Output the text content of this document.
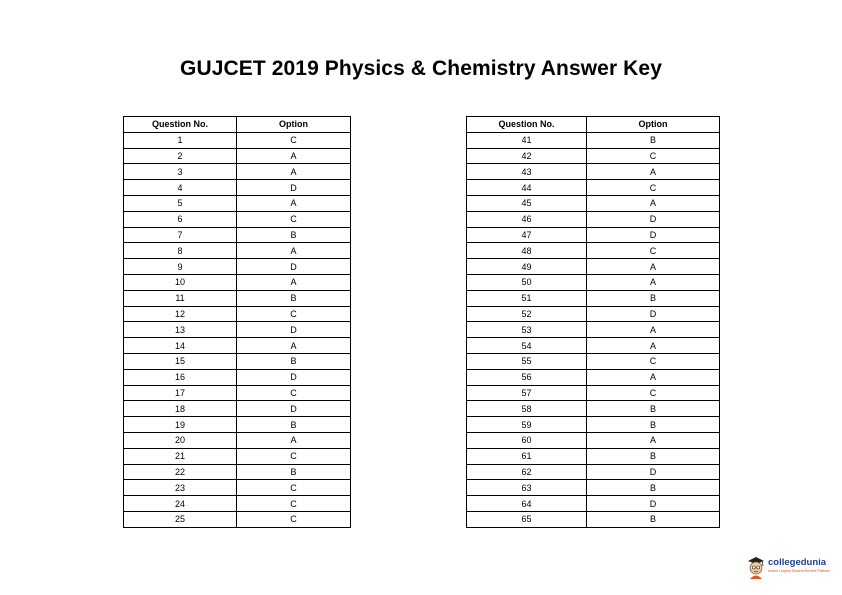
GUJCET 2019 Physics & Chemistry Answer Key
Question No.	Option
1	C
2	A
3	A
4	D
5	A
6	C
7	B
8	A
9	D
10	A
11	B
12	C
13	D
14	A
15	B
16	D
17	C
18	D
19	B
20	A
21	C
22	B
23	C
24	C
25	C
Question No.	Option
41	B
42	C
43	A
44	C
45	A
46	D
47	D
48	C
49	A
50	A
51	B
52	D
53	A
54	A
55	C
56	A
57	C
58	B
59	B
60	A
61	B
62	D
63	B
64	D
65	B
collegedunia
India's Largest Student Review Platform
